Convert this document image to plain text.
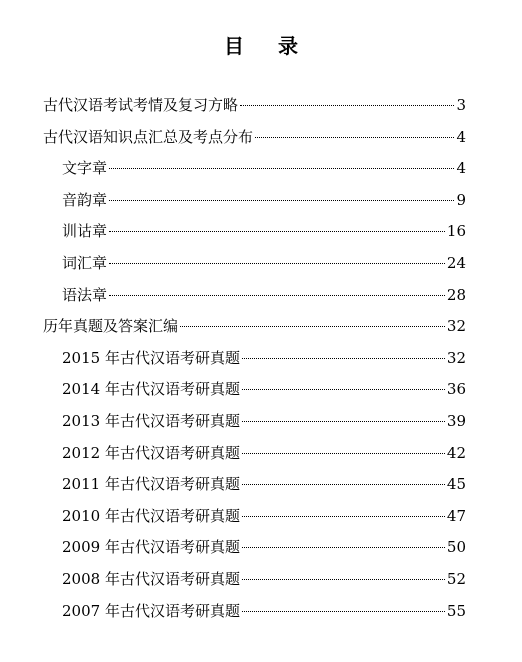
目 录
古代汉语考试考情及复习方略	3
古代汉语知识点汇总及考点分布	4
文字章	4
音韵章	9
训诂章	16
词汇章	24
语法章	28
历年真题及答案汇编	32
2015 年古代汉语考研真题	32
2014 年古代汉语考研真题	36
2013 年古代汉语考研真题	39
2012 年古代汉语考研真题	42
2011 年古代汉语考研真题	45
2010 年古代汉语考研真题	47
2009 年古代汉语考研真题	50
2008 年古代汉语考研真题	52
2007 年古代汉语考研真题	55
